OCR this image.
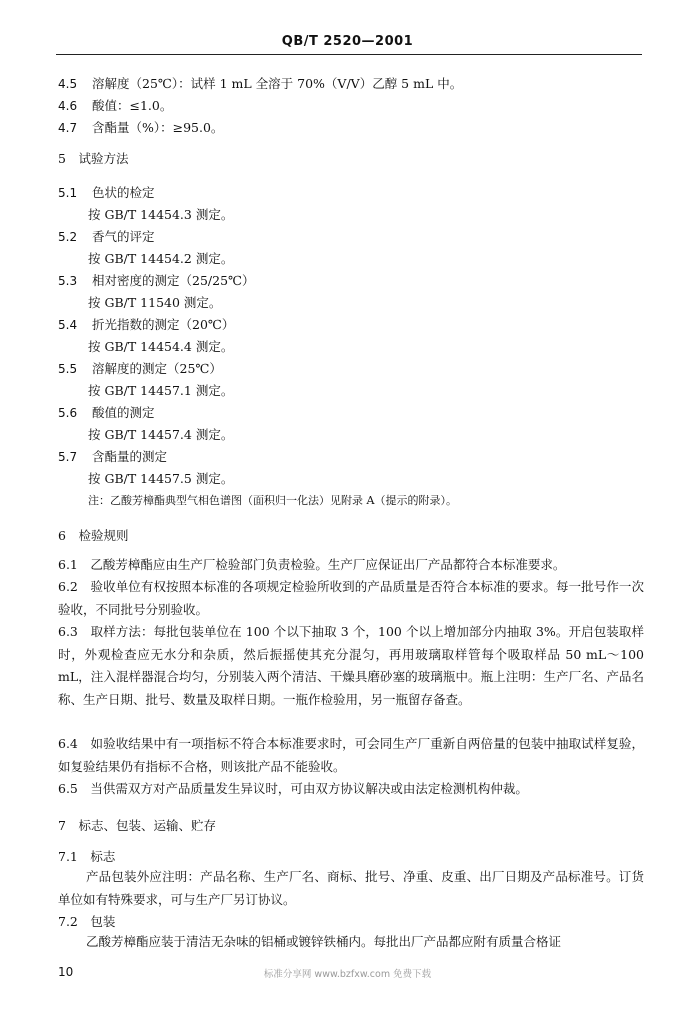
QB/T 2520—2001
4.5 溶解度（25℃）：试样 1 mL 全溶于 70%（V/V）乙醇 5 mL 中。
4.6 酸值：≤1.0。
4.7 含酯量（%）：≥95.0。
5　试验方法
5.1 色状的检定
按 GB/T 14454.3 测定。
5.2 香气的评定
按 GB/T 14454.2 测定。
5.3 相对密度的测定（25/25℃）
按 GB/T 11540 测定。
5.4 折光指数的测定（20℃）
按 GB/T 14454.4 测定。
5.5 溶解度的测定（25℃）
按 GB/T 14457.1 测定。
5.6 酸值的测定
按 GB/T 14457.4 测定。
5.7 含酯量的测定
按 GB/T 14457.5 测定。
注：乙酸芳樟酯典型气相色谱图（面积归一化法）见附录 A（提示的附录）。
6　检验规则
6.1　乙酸芳樟酯应由生产厂检验部门负责检验。生产厂应保证出厂产品都符合本标准要求。
6.2　验收单位有权按照本标准的各项规定检验所收到的产品质量是否符合本标准的要求。每一批号作一次验收，不同批号分别验收。
6.3　取样方法：每批包装单位在 100 个以下抽取 3 个，100 个以上增加部分内抽取 3%。开启包装取样时，外观检查应无水分和杂质，然后振摇使其充分混匀，再用玻璃取样管每个吸取样品 50 mL～100 mL，注入混样器混合均匀，分别装入两个清洁、干燥具磨砂塞的玻璃瓶中。瓶上注明：生产厂名、产品名称、生产日期、批号、数量及取样日期。一瓶作检验用，另一瓶留存备查。
6.4　如验收结果中有一项指标不符合本标准要求时，可会同生产厂重新自两倍量的包装中抽取试样复验，如复验结果仍有指标不合格，则该批产品不能验收。
6.5　当供需双方对产品质量发生异议时，可由双方协议解决或由法定检测机构仲裁。
7　标志、包装、运输、贮存
7.1　标志
产品包装外应注明：产品名称、生产厂名、商标、批号、净重、皮重、出厂日期及产品标准号。订货单位如有特殊要求，可与生产厂另订协议。
7.2　包装
乙酸芳樟酯应装于清洁无杂味的铝桶或镀锌铁桶内。每批出厂产品都应附有质量合格证
10	标准分享网 www.bzfxw.com 免费下载
